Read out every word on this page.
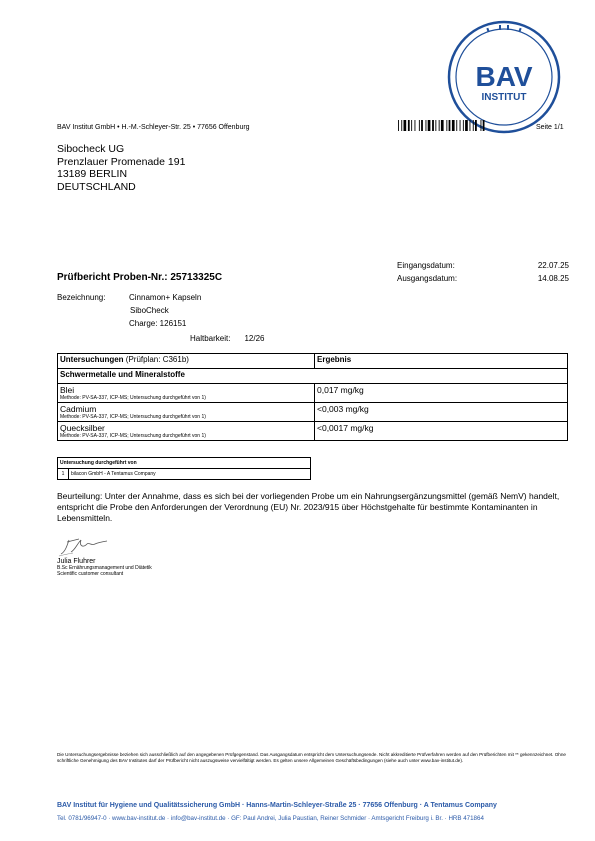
BAV
INSTITUT
BAV Institut GmbH • H.-M.-Schleyer-Str. 25 • 77656 Offenburg	Seite 1/1
Sibocheck UG
Prenzlauer Promenade 191
13189 BERLIN
DEUTSCHLAND
Eingangsdatum:	22.07.25
Ausgangsdatum:	14.08.25
Prüfbericht Proben-Nr.: 25713325C
Bezeichnung:	Cinnamon+ Kapseln
SiboCheck
Charge: 126151
Haltbarkeit: 12/26
Untersuchungen (Prüfplan: C361b)	Ergebnis
Schwermetalle und Mineralstoffe	

Blei
Methode: PV-SA-337, ICP-MS; Untersuchung durchgeführt von 1)	0,017 mg/kg

Cadmium
Methode: PV-SA-337, ICP-MS; Untersuchung durchgeführt von 1)	<0,003 mg/kg

Quecksilber
Methode: PV-SA-337, ICP-MS; Untersuchung durchgeführt von 1)	<0,0017 mg/kg
Untersuchung durchgeführt von
1	bilacon GmbH - A Tentamus Company
Beurteilung: Unter der Annahme, dass es sich bei der vorliegenden Probe um ein Nahrungsergänzungsmittel (gemäß NemV) handelt, entspricht die Probe den Anforderungen der Verordnung (EU) Nr. 2023/915 über Höchstgehalte für bestimmte Kontaminanten in Lebensmitteln.
Julia Fluhrer
B.Sc Ernährungsmanagement und Diätetik
Scientific customer consultant
Die Untersuchungsergebnisse beziehen sich ausschließlich auf den angegebenen Prüfgegenstand. Das Ausgangsdatum entspricht dem Untersuchungsende. Nicht akkreditierte Prüfverfahren werden auf den Prüfberichten mit ** gekennzeichnet. Ohne schriftliche Genehmigung des BAV Institutes darf der Prüfbericht nicht auszugsweise vervielfältigt werden. Es gelten unsere Allgemeinen Geschäftsbedingungen (siehe auch unter www.bav-institut.de).
BAV Institut für Hygiene und Qualitätssicherung GmbH · Hanns-Martin-Schleyer-Straße 25 · 77656 Offenburg · A Tentamus Company
Tel. 0781/96947-0 · www.bav-institut.de · info@bav-institut.de · GF: Paul Andrei, Julia Paustian, Reiner Schmider · Amtsgericht Freiburg i. Br. · HRB 471864
